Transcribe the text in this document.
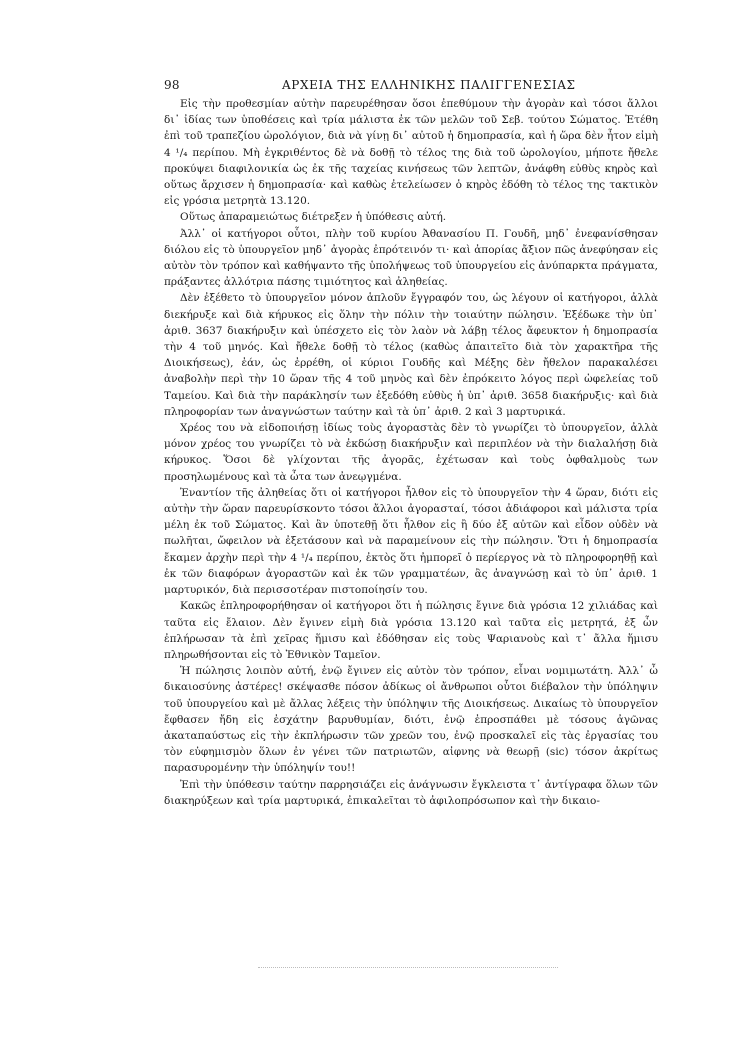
98	ΑΡΧΕΙΑ ΤΗΣ ΕΛΛΗΝΙΚΗΣ ΠΑΛΙΓΓΕΝΕΣΙΑΣ

Εἰς τὴν προθεσμίαν αὐτὴν παρευρέθησαν ὅσοι ἐπεθύμουν τὴν ἀγορὰν καὶ τόσοι ἄλλοι δι᾽ ἰδίας των ὑποθέσεις καὶ τρία μάλιστα ἐκ τῶν μελῶν τοῦ Σεβ. τούτου Σώματος. Ἐτέθη ἐπὶ τοῦ τραπεζίου ὡρολόγιον, διὰ νὰ γίνῃ δι᾽ αὐτοῦ ἡ δημοπρασία, καὶ ἡ ὥρα δὲν ἦτον εἰμὴ 4 ¹/₄ περίπου. Μὴ ἐγκριθέντος δὲ νὰ δοθῇ τὸ τέλος της διὰ τοῦ ὡρολογίου, μήποτε ἤθελε προκύψει διαφιλονικία ὡς ἐκ τῆς ταχείας κινήσεως τῶν λεπτῶν, ἀνάφθη εὐθὺς κηρὸς καὶ οὕτως ἄρχισεν ἡ δημοπρασία· καὶ καθὼς ἐτελείωσεν ὁ κηρὸς ἐδόθη τὸ τέλος της τακτικὸν εἰς γρόσια μετρητὰ 13.120.

Οὕτως ἀπαραμειώτως διέτρεξεν ἡ ὑπόθεσις αὐτή.

Ἀλλ᾽ οἱ κατήγοροι οὗτοι, πλὴν τοῦ κυρίου Ἀθανασίου Π. Γουδῆ, μηδ᾽ ἐνεφανίσθησαν διόλου εἰς τὸ ὑπουργεῖον μηδ᾽ ἀγορὰς ἐπρότεινόν τι· καὶ ἀπορίας ἄξιον πῶς ἀνεφύησαν εἰς αὐτὸν τὸν τρόπον καὶ καθήψαντο τῆς ὑπολήψεως τοῦ ὑπουργείου εἰς ἀνύπαρκτα πράγματα, πράξαντες ἀλλότρια πάσης τιμιότητος καὶ ἀληθείας.

Δὲν ἐξέθετο τὸ ὑπουργεῖον μόνον ἁπλοῦν ἔγγραφόν του, ὡς λέγουν οἱ κατήγοροι, ἀλλὰ διεκήρυξε καὶ διὰ κήρυκος εἰς ὅλην τὴν πόλιν τὴν τοιαύτην πώλησιν. Ἐξέδωκε τὴν ὑπ᾽ ἀριθ. 3637 διακήρυξιν καὶ ὑπέσχετο εἰς τὸν λαὸν νὰ λάβῃ τέλος ἄφευκτον ἡ δημοπρασία τὴν 4 τοῦ μηνός. Καὶ ἤθελε δοθῇ τὸ τέλος (καθὼς ἀπαιτεῖτο διὰ τὸν χαρακτῆρα τῆς Διοικήσεως), ἐάν, ὡς ἐρρέθη, οἱ κύριοι Γουδῆς καὶ Μέξης δὲν ἤθελον παρακαλέσει ἀναβολὴν περὶ τὴν 10 ὥραν τῆς 4 τοῦ μηνὸς καὶ δὲν ἐπρόκειτο λόγος περὶ ὠφελείας τοῦ Ταμείου. Καὶ διὰ τὴν παράκλησίν των ἐξεδόθη εὐθὺς ἡ ὑπ᾽ ἀριθ. 3658 διακήρυξις· καὶ διὰ πληροφορίαν των ἀναγνώστων ταύτην καὶ τὰ ὑπ᾽ ἀριθ. 2 καὶ 3 μαρτυρικά.

Χρέος του νὰ εἰδοποιήσῃ ἰδίως τοὺς ἀγοραστὰς δὲν τὸ γνωρίζει τὸ ὑπουργεῖον, ἀλλὰ μόνον χρέος του γνωρίζει τὸ νὰ ἐκδώσῃ διακήρυξιν καὶ περιπλέον νὰ τὴν διαλαλήσῃ διὰ κήρυκος. Ὅσοι δὲ γλίχονται τῆς ἀγορᾶς, ἐχέτωσαν καὶ τοὺς ὀφθαλμοὺς των προσηλωμένους καὶ τὰ ὦτα των ἀνεῳγμένα.

Ἐναντίον τῆς ἀληθείας ὅτι οἱ κατήγοροι ἦλθον εἰς τὸ ὑπουργεῖον τὴν 4 ὥραν, διότι εἰς αὐτὴν τὴν ὥραν παρευρίσκοντο τόσοι ἄλλοι ἀγορασταί, τόσοι ἀδιάφοροι καὶ μάλιστα τρία μέλη ἐκ τοῦ Σώματος. Καὶ ἂν ὑποτεθῇ ὅτι ἦλθον εἰς ἢ δύο ἐξ αὐτῶν καὶ εἶδον οὐδὲν νὰ πωλῆται, ὤφειλον νὰ ἐξετάσουν καὶ νὰ παραμείνουν εἰς τὴν πώλησιν. Ὅτι ἡ δημοπρασία ἔκαμεν ἀρχὴν περὶ τὴν 4 ¹/₄ περίπου, ἐκτὸς ὅτι ἠμπορεῖ ὁ περίεργος νὰ τὸ πληροφορηθῇ καὶ ἐκ τῶν διαφόρων ἀγοραστῶν καὶ ἐκ τῶν γραμματέων, ἂς ἀναγνώσῃ καὶ τὸ ὑπ᾽ ἀριθ. 1 μαρτυρικόν, διὰ περισσοτέραν πιστοποίησίν του.

Κακῶς ἐπληροφορήθησαν οἱ κατήγοροι ὅτι ἡ πώλησις ἔγινε διὰ γρόσια 12 χιλιάδας καὶ ταῦτα εἰς ἔλαιον. Δὲν ἔγινεν εἰμὴ διὰ γρόσια 13.120 καὶ ταῦτα εἰς μετρητά, ἐξ ὧν ἐπλήρωσαν τὰ ἐπὶ χεῖρας ἥμισυ καὶ ἐδόθησαν εἰς τοὺς Ψαριανοὺς καὶ τ᾽ ἄλλα ἥμισυ πληρωθήσονται εἰς τὸ Ἐθνικὸν Ταμεῖον.

Ἡ πώλησις λοιπὸν αὐτή, ἐνῷ ἔγινεν εἰς αὐτὸν τὸν τρόπον, εἶναι νομιμωτάτη. Ἀλλ᾽ ὦ δικαιοσύνης ἀστέρες! σκέψασθε πόσον ἀδίκως οἱ ἄνθρωποι οὗτοι διέβαλον τὴν ὑπόληψιν τοῦ ὑπουργείου καὶ μὲ ἄλλας λέξεις τὴν ὑπόληψιν τῆς Διοικήσεως. Δικαίως τὸ ὑπουργεῖον ἔφθασεν ἤδη εἰς ἐσχάτην βαρυθυμίαν, διότι, ἐνῷ ἐπροσπάθει μὲ τόσους ἀγῶνας ἀκαταπαύστως εἰς τὴν ἐκπλήρωσιν τῶν χρεῶν του, ἐνῷ προσκαλεῖ εἰς τὰς ἐργασίας του τὸν εὐφημισμὸν ὅλων ἐν γένει τῶν πατριωτῶν, αἰφνης νὰ θεωρῇ (sic) τόσον ἀκρίτως παρασυρομένην τὴν ὑπόληψίν του!!

Ἐπὶ τὴν ὑπόθεσιν ταύτην παρρησιάζει εἰς ἀνάγνωσιν ἔγκλειστα τ᾽ ἀντίγραφα ὅλων τῶν διακηρύξεων καὶ τρία μαρτυρικά, ἐπικαλεῖται τὸ ἀφιλοπρόσωπον καὶ τὴν δικαιο-
